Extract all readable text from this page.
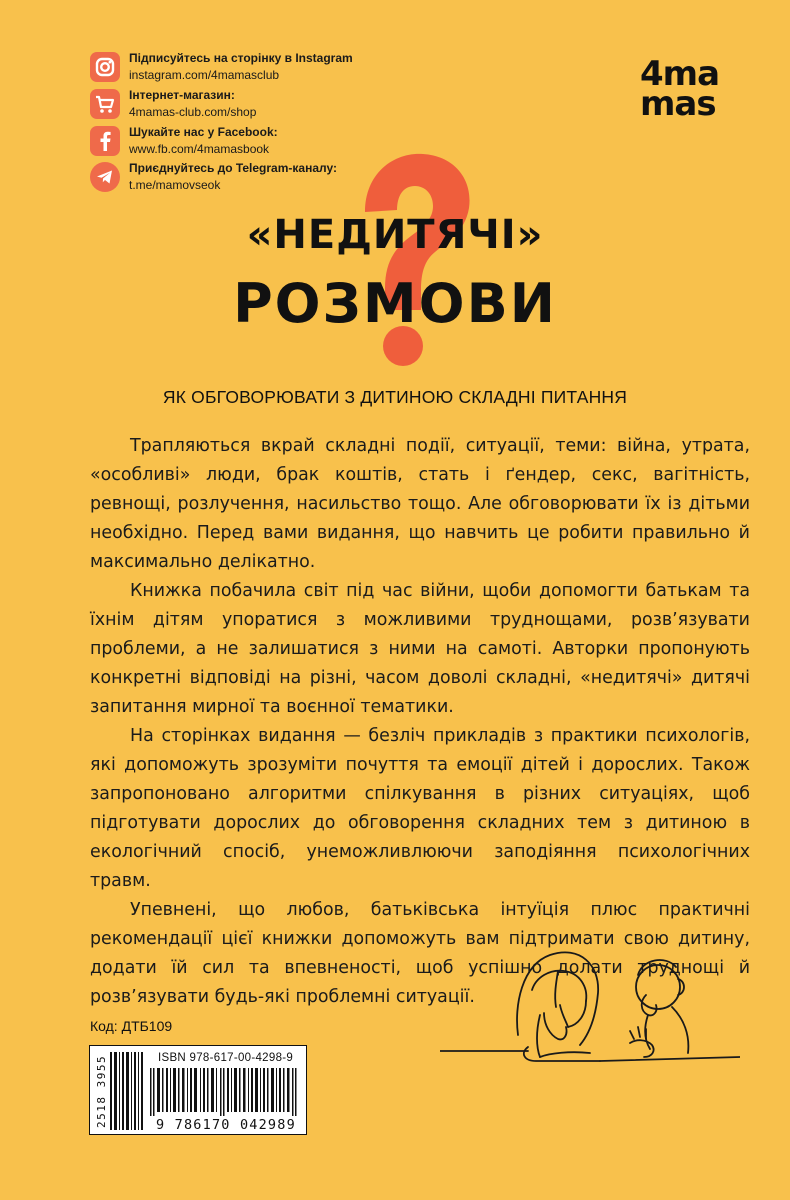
Підписуйтесь на сторінку в Instagram
instagram.com/4mamasclub
Інтернет-магазин:
4mamas-club.com/shop
Шукайте нас у Facebook:
www.fb.com/4mamasbook
Приєднуйтесь до Telegram-каналу:
t.me/mamovseok
4ma
mas
«НЕДИТЯЧІ»
РОЗМОВИ
ЯК ОБГОВОРЮВАТИ З ДИТИНОЮ СКЛАДНІ ПИТАННЯ

Трапляються вкрай складні події, ситуації, теми: війна, утрата, «особливі» люди, брак коштів, стать і ґендер, секс, вагітність, ревнощі, розлучення, насильство тощо. Але обговорювати їх із дітьми необхідно. Перед вами видання, що навчить це робити правильно й максимально делікатно.

Книжка побачила світ під час війни, щоби допомогти батькам та їхнім дітям упоратися з можливими труднощами, розв’язувати проблеми, а не залишатися з ними на самоті. Авторки пропонують конкретні відповіді на різні, часом доволі складні, «недитячі» дитячі запитання мирної та воєнної тематики.

На сторінках видання — безліч прикладів з практики психологів, які допоможуть зрозуміти почуття та емоції дітей і дорослих. Також запропоновано алгоритми спілкування в різних ситуаціях, щоб підготувати дорослих до обговорення складних тем з дитиною в екологічний спосіб, унеможливлюючи заподіяння психологічних травм.

Упевнені, що любов, батьківська інтуїція плюс практичні рекомендації цієї книжки допоможуть вам підтримати свою дитину, додати їй сил та впевненості, щоб успішно долати труднощі й розв’язувати будь-які проблемні ситуації.

Код: ДТБ109
2518 3955	ISBN 978-617-00-4298-9
9 786170 042989
